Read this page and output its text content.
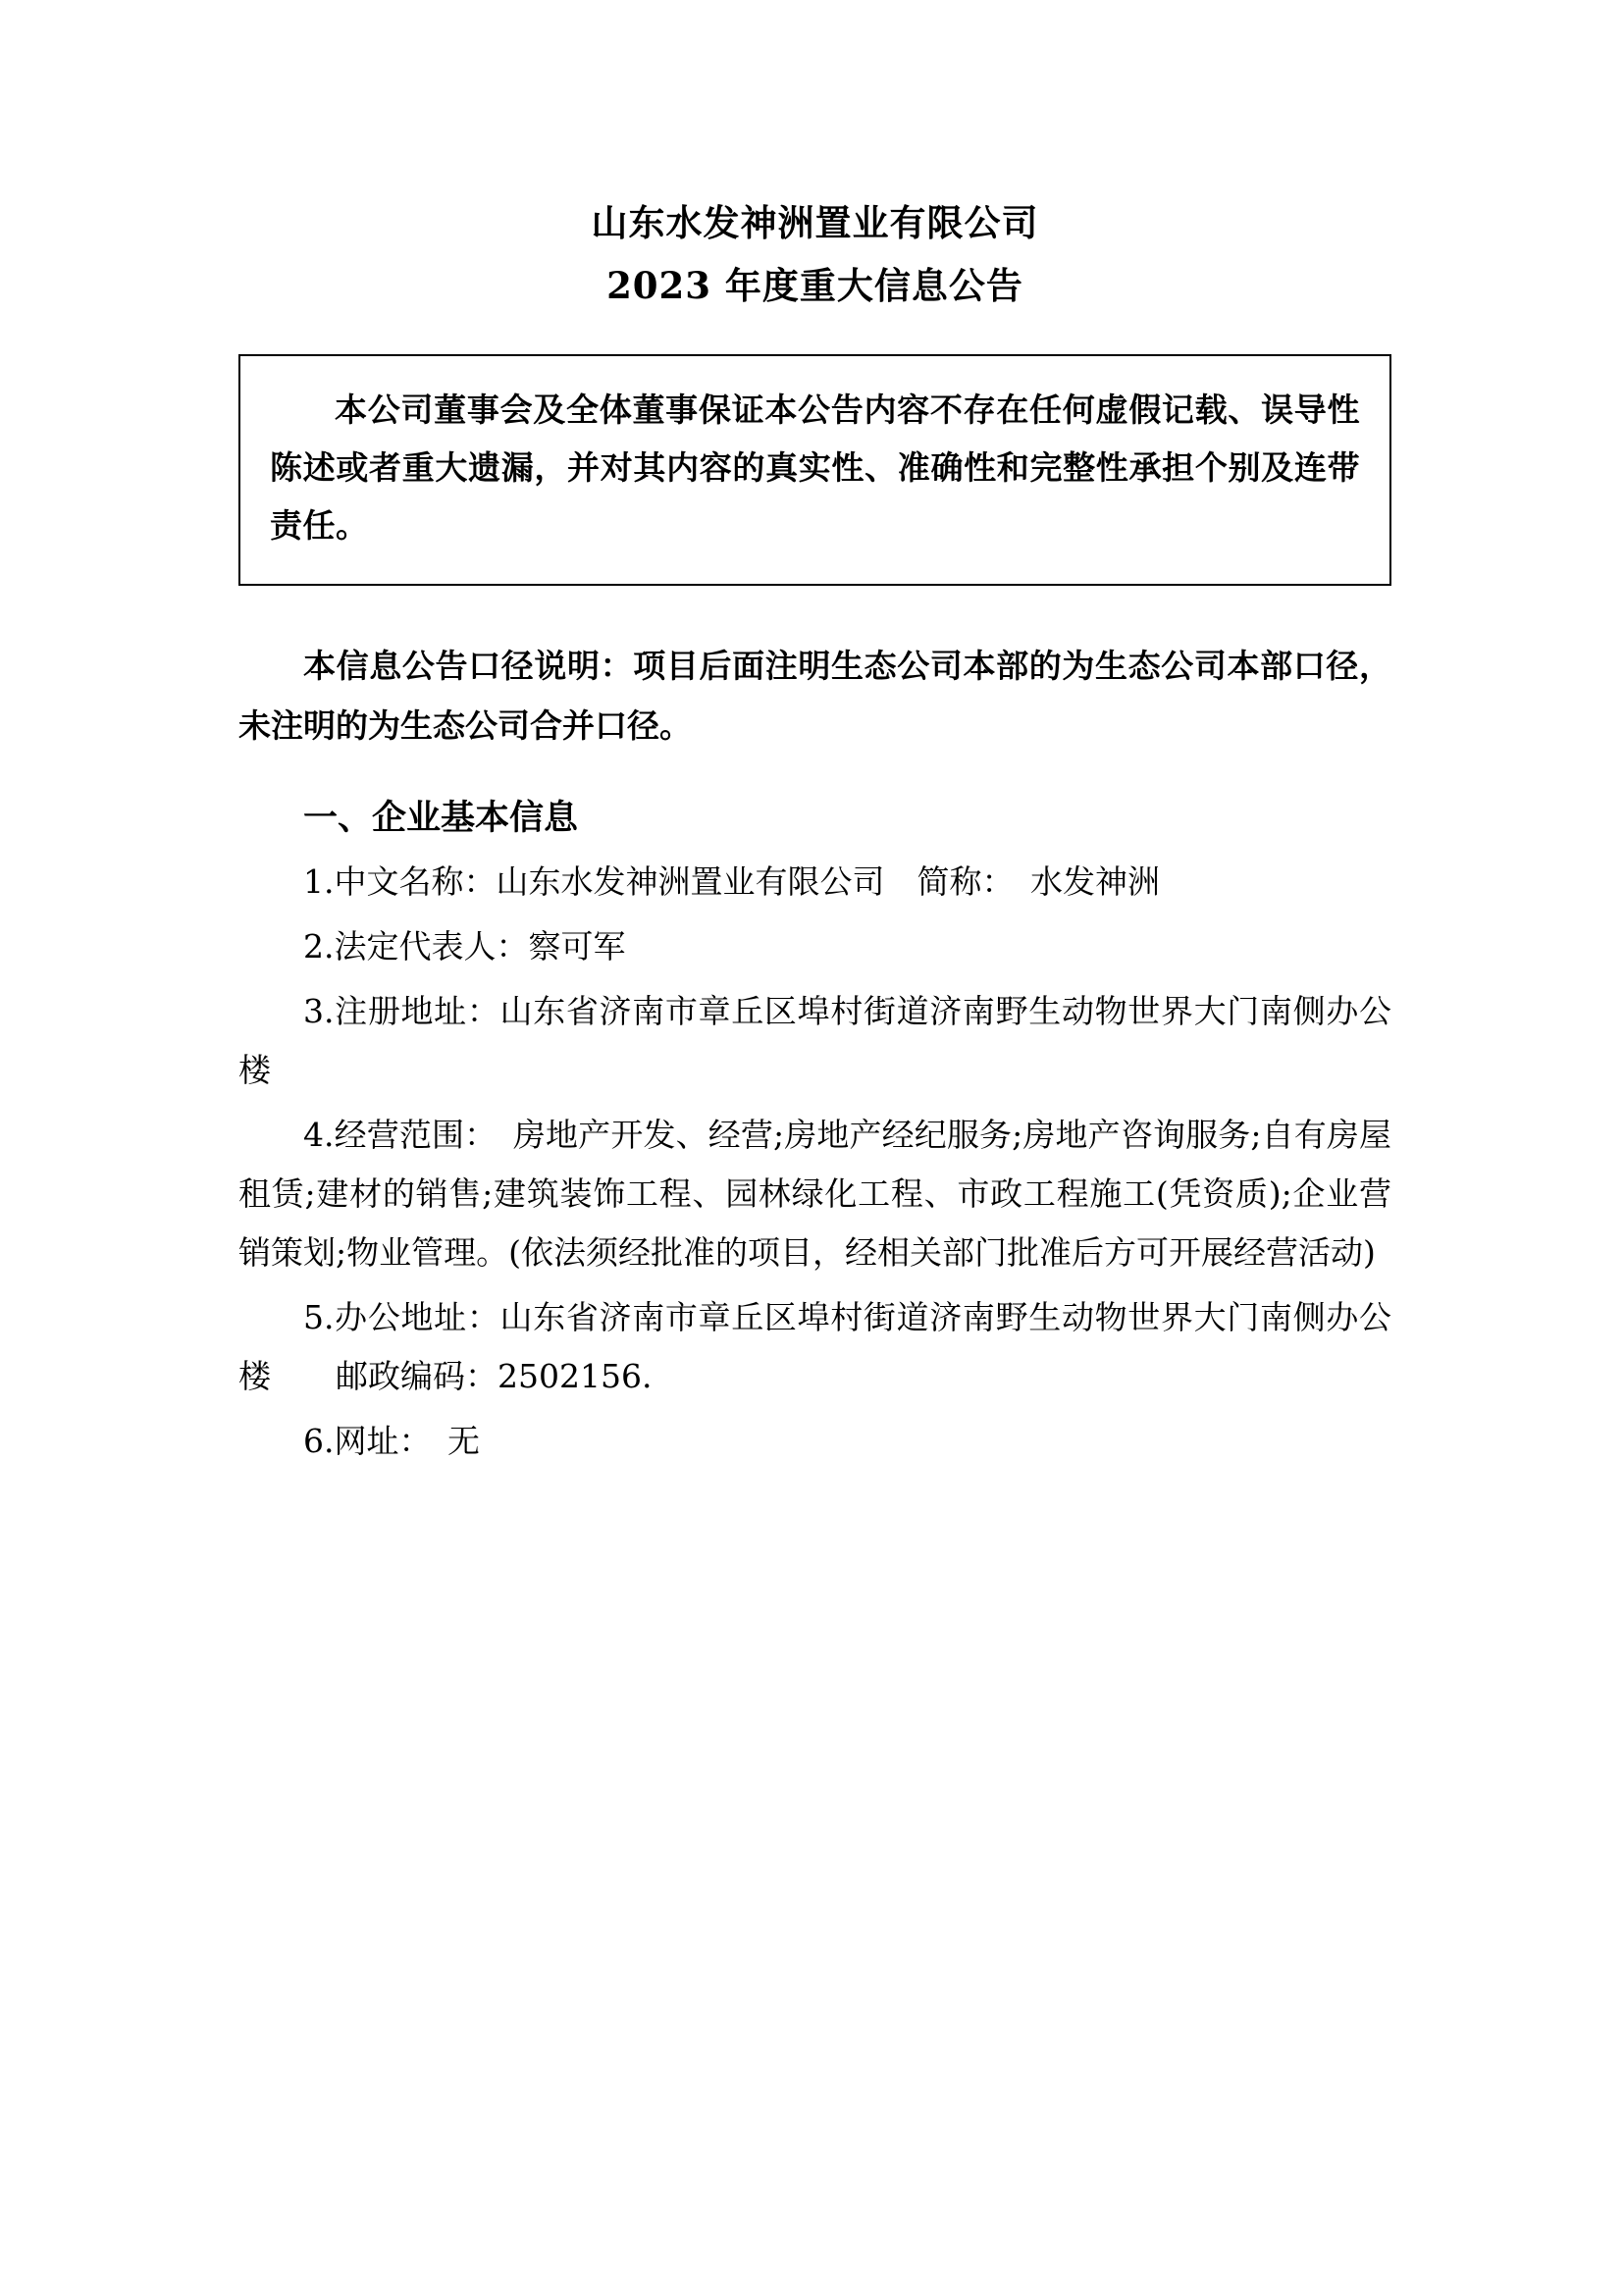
山东水发神洲置业有限公司
2023 年度重大信息公告
本公司董事会及全体董事保证本公告内容不存在任何虚假记载、误导性陈述或者重大遗漏，并对其内容的真实性、准确性和完整性承担个别及连带责任。
本信息公告口径说明：项目后面注明生态公司本部的为生态公司本部口径，未注明的为生态公司合并口径。
一、企业基本信息
1.中文名称：山东水发神洲置业有限公司　简称：　水发神洲
2.法定代表人：察可军
3.注册地址：山东省济南市章丘区埠村街道济南野生动物世界大门南侧办公楼
4.经营范围：　房地产开发、经营;房地产经纪服务;房地产咨询服务;自有房屋租赁;建材的销售;建筑装饰工程、园林绿化工程、市政工程施工(凭资质);企业营销策划;物业管理。(依法须经批准的项目，经相关部门批准后方可开展经营活动)
5.办公地址：山东省济南市章丘区埠村街道济南野生动物世界大门南侧办公楼　　邮政编码：2502156.
6.网址：　无
